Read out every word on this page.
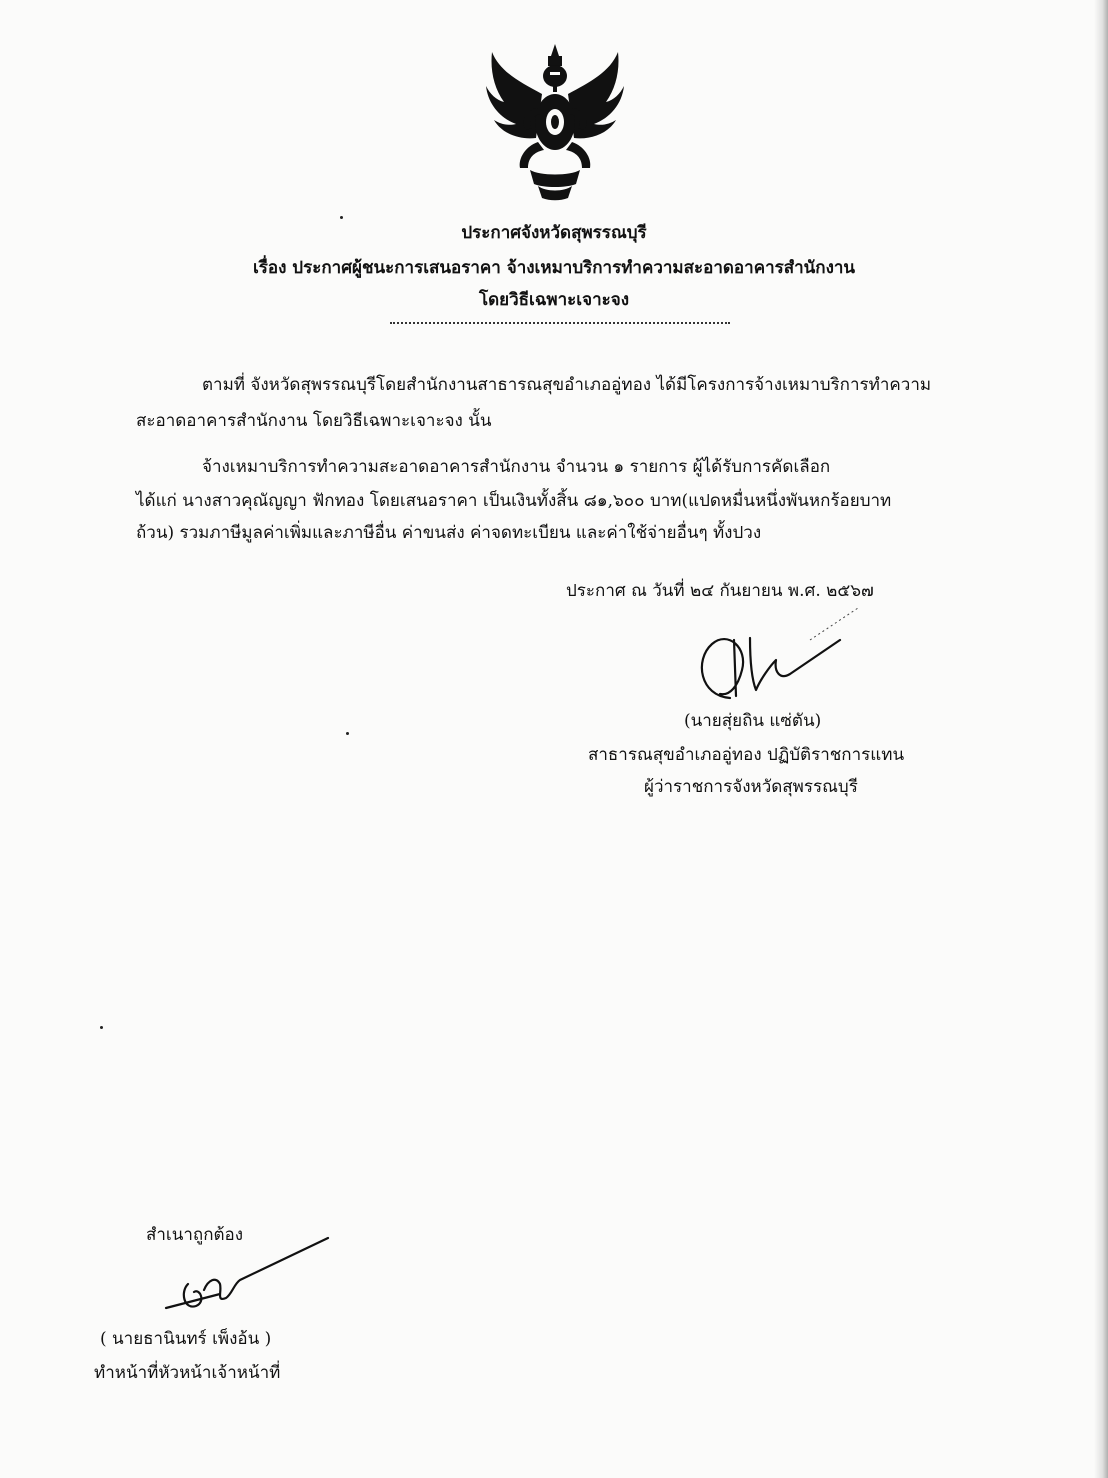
ประกาศจังหวัดสุพรรณบุรี
เรื่อง ประกาศผู้ชนะการเสนอราคา จ้างเหมาบริการทำความสะอาดอาคารสำนักงาน
โดยวิธีเฉพาะเจาะจง
ตามที่ จังหวัดสุพรรณบุรีโดยสำนักงานสาธารณสุขอำเภออู่ทอง ได้มีโครงการจ้างเหมาบริการทำความ
สะอาดอาคารสำนักงาน โดยวิธีเฉพาะเจาะจง นั้น
จ้างเหมาบริการทำความสะอาดอาคารสำนักงาน จำนวน ๑ รายการ ผู้ได้รับการคัดเลือก
ได้แก่ นางสาวคุณัญญา ฟักทอง โดยเสนอราคา เป็นเงินทั้งสิ้น ๘๑,๖๐๐ บาท(แปดหมื่นหนึ่งพันหกร้อยบาท
ถ้วน) รวมภาษีมูลค่าเพิ่มและภาษีอื่น ค่าขนส่ง ค่าจดทะเบียน และค่าใช้จ่ายอื่นๆ ทั้งปวง
ประกาศ ณ วันที่ ๒๔ กันยายน พ.ศ. ๒๕๖๗
(นายสุ่ยถิน แซ่ตัน)
สาธารณสุขอำเภออู่ทอง ปฏิบัติราชการแทน
ผู้ว่าราชการจังหวัดสุพรรณบุรี
สำเนาถูกต้อง
( นายธานินทร์ เพ็งอ้น )
ทำหน้าที่หัวหน้าเจ้าหน้าที่
